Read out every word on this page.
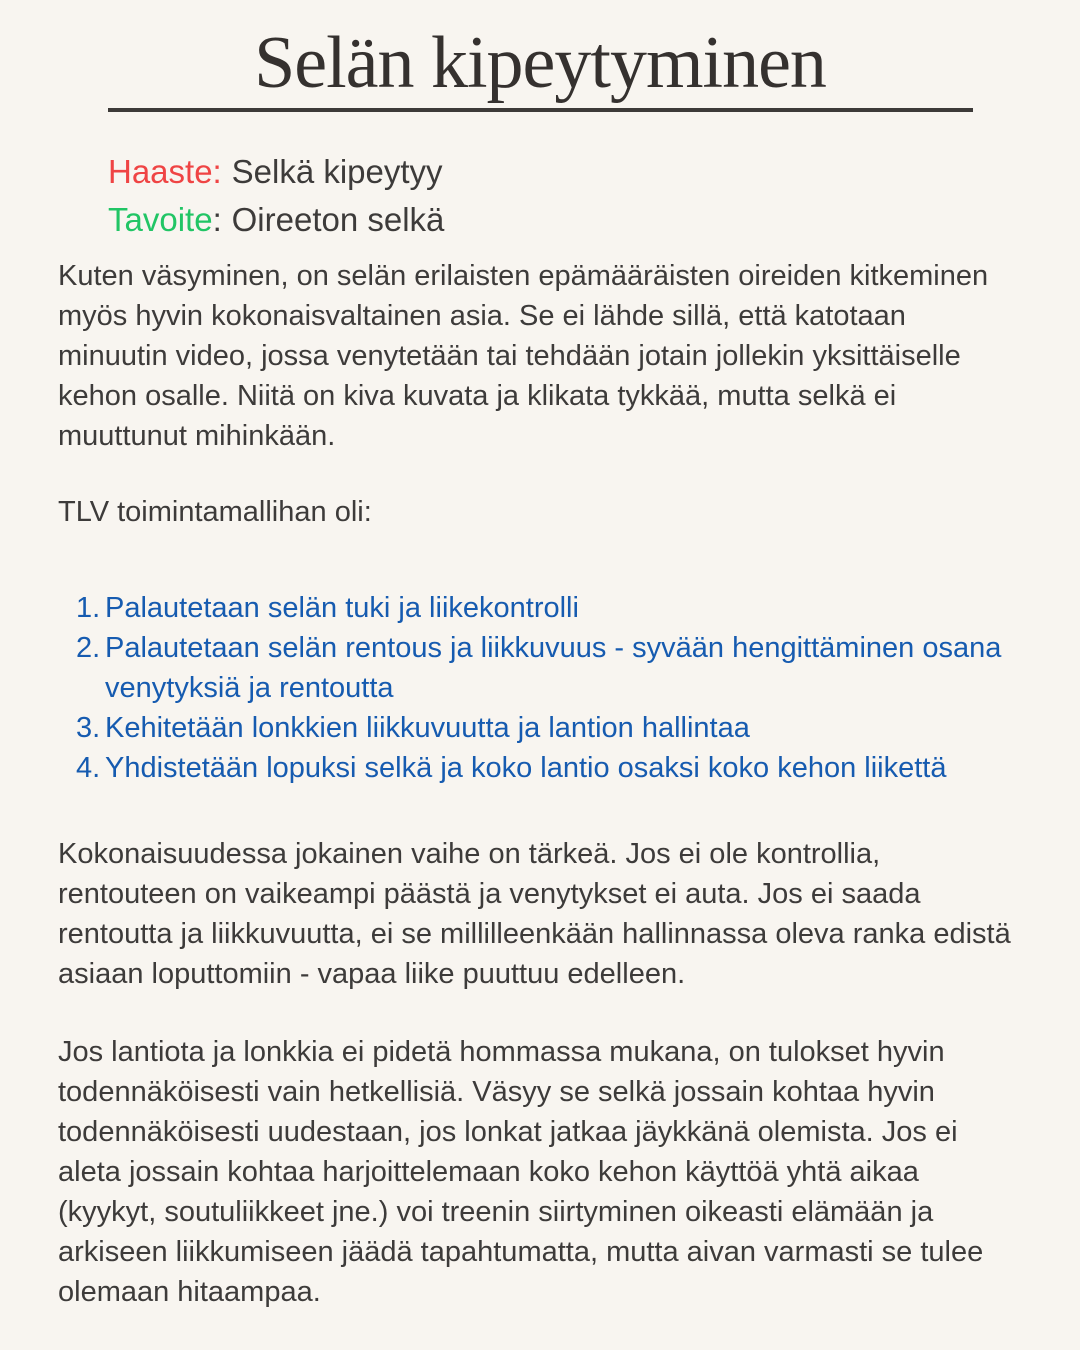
Selän kipeytyminen
Haaste: Selkä kipeytyy
Tavoite: Oireeton selkä

Kuten väsyminen, on selän erilaisten epämääräisten oireiden kitkeminen myös hyvin kokonaisvaltainen asia. Se ei lähde sillä, että katotaan minuutin video, jossa venytetään tai tehdään jotain jollekin yksittäiselle kehon osalle. Niitä on kiva kuvata ja klikata tykkää, mutta selkä ei muuttunut mihinkään.

TLV toimintamallihan oli:

1. Palautetaan selän tuki ja liikekontrolli
2. Palautetaan selän rentous ja liikkuvuus - syvään hengittäminen osana venytyksiä ja rentoutta
3. Kehitetään lonkkien liikkuvuutta ja lantion hallintaa
4. Yhdistetään lopuksi selkä ja koko lantio osaksi koko kehon liikettä

Kokonaisuudessa jokainen vaihe on tärkeä. Jos ei ole kontrollia, rentouteen on vaikeampi päästä ja venytykset ei auta. Jos ei saada rentoutta ja liikkuvuutta, ei se millilleenkään hallinnassa oleva ranka edistä asiaan loputtomiin - vapaa liike puuttuu edelleen.

Jos lantiota ja lonkkia ei pidetä hommassa mukana, on tulokset hyvin todennäköisesti vain hetkellisiä. Väsyy se selkä jossain kohtaa hyvin todennäköisesti uudestaan, jos lonkat jatkaa jäykkänä olemista. Jos ei aleta jossain kohtaa harjoittelemaan koko kehon käyttöä yhtä aikaa (kyykyt, soutuliikkeet jne.) voi treenin siirtyminen oikeasti elämään ja arkiseen liikkumiseen jäädä tapahtumatta, mutta aivan varmasti se tulee olemaan hitaampaa.
